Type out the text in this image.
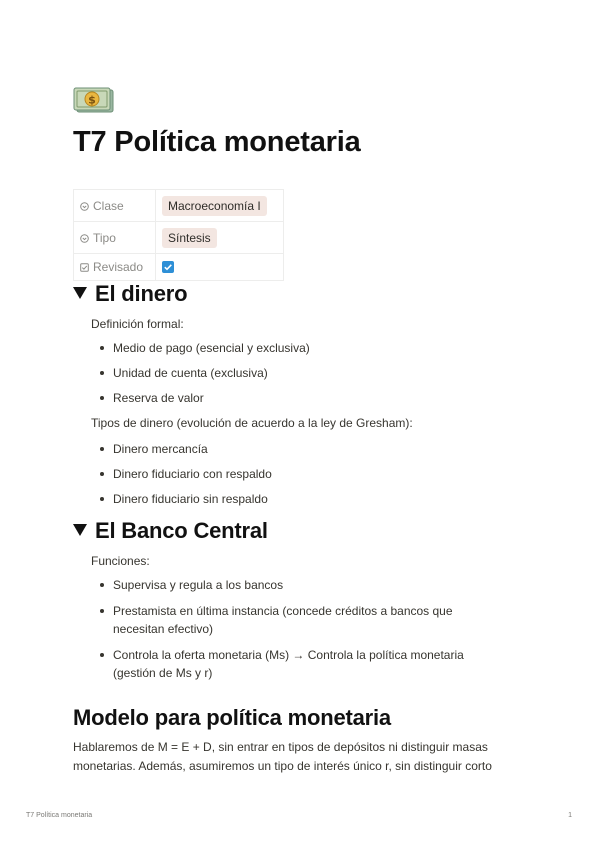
$
T7 Política monetaria
Clase	Macroeconomía I
Tipo	Síntesis
Revisado	
El dinero

Definición formal:

Medio de pago (esencial y exclusiva)

Unidad de cuenta (exclusiva)

Reserva de valor

Tipos de dinero (evolución de acuerdo a la ley de Gresham):

Dinero mercancía

Dinero fiduciario con respaldo

Dinero fiduciario sin respaldo

El Banco Central

Funciones:

Supervisa y regula a los bancos

Prestamista en última instancia (concede créditos a bancos que necesitan efectivo)

Controla la oferta monetaria (Ms) → Controla la política monetaria (gestión de Ms y r)

Modelo para política monetaria

Hablaremos de M = E + D, sin entrar en tipos de depósitos ni distinguir masas monetarias. Además, asumiremos un tipo de interés único r, sin distinguir corto

T7 Política monetaria	1
